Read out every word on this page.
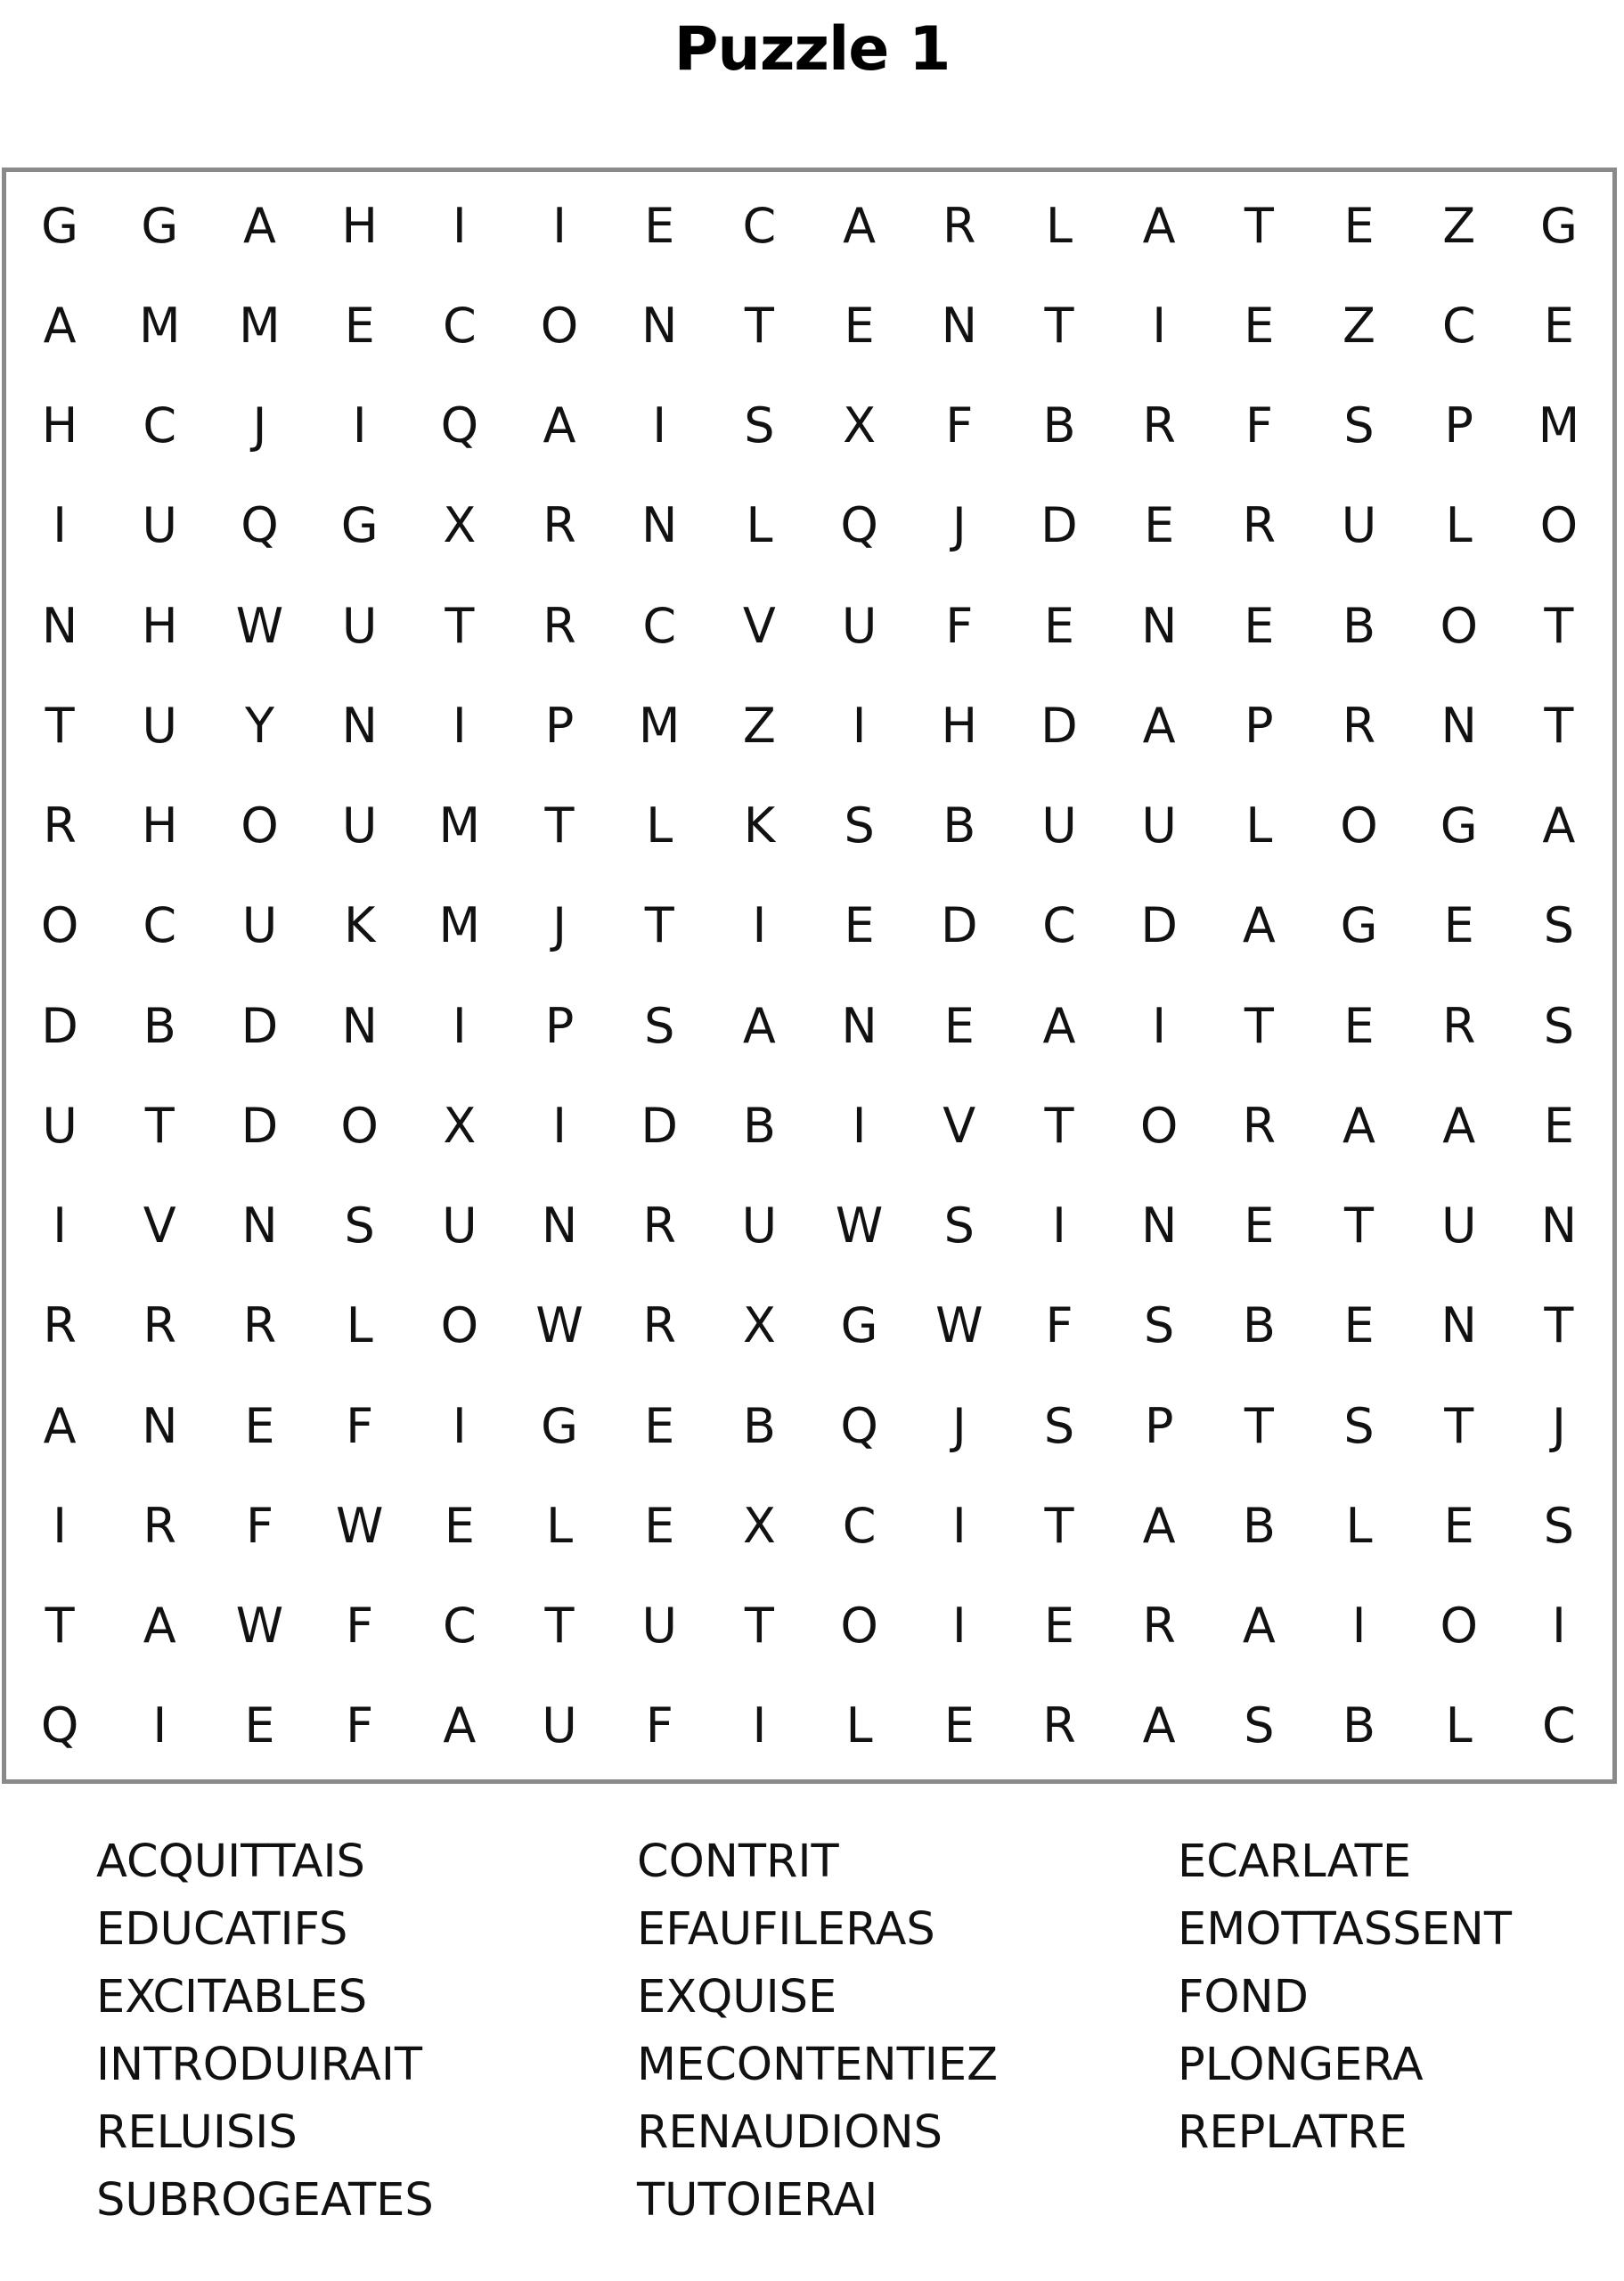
Puzzle 1
G	G	A	H	I	I	E	C	A	R	L	A	T	E	Z	G
A	M	M	E	C	O	N	T	E	N	T	I	E	Z	C	E
H	C	J	I	Q	A	I	S	X	F	B	R	F	S	P	M
I	U	Q	G	X	R	N	L	Q	J	D	E	R	U	L	O
N	H	W	U	T	R	C	V	U	F	E	N	E	B	O	T
T	U	Y	N	I	P	M	Z	I	H	D	A	P	R	N	T
R	H	O	U	M	T	L	K	S	B	U	U	L	O	G	A
O	C	U	K	M	J	T	I	E	D	C	D	A	G	E	S
D	B	D	N	I	P	S	A	N	E	A	I	T	E	R	S
U	T	D	O	X	I	D	B	I	V	T	O	R	A	A	E
I	V	N	S	U	N	R	U	W	S	I	N	E	T	U	N
R	R	R	L	O	W	R	X	G	W	F	S	B	E	N	T
A	N	E	F	I	G	E	B	Q	J	S	P	T	S	T	J
I	R	F	W	E	L	E	X	C	I	T	A	B	L	E	S
T	A	W	F	C	T	U	T	O	I	E	R	A	I	O	I
Q	I	E	F	A	U	F	I	L	E	R	A	S	B	L	C
ACQUITTAIS	CONTRIT	ECARLATE
EDUCATIFS	EFAUFILERAS	EMOTTASSENT
EXCITABLES	EXQUISE	FOND
INTRODUIRAIT	MECONTENTIEZ	PLONGERA
RELUISIS	RENAUDIONS	REPLATRE
SUBROGEATES	TUTOIERAI
